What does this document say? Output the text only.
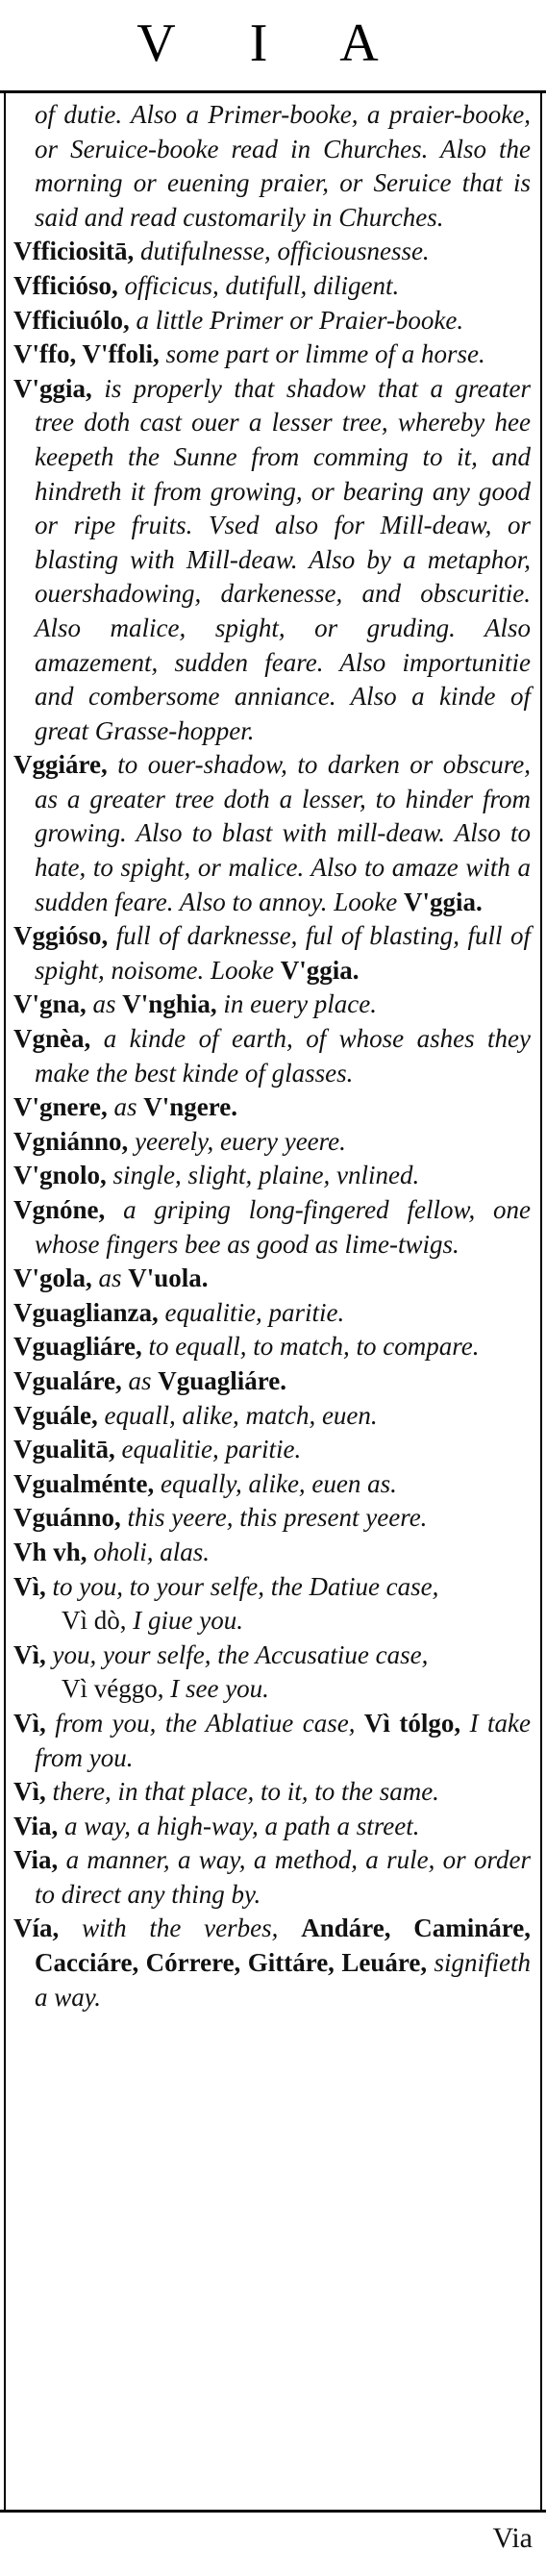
V I A

of dutie. Also a Primer-booke, a praier-booke, or Seruice-booke read in Churches. Also the morning or euening praier, or Seruice that is said and read customarily in Churches.

Vfficiositā, dutifulnesse, officiousnesse.

Vfficióso, officicus, dutifull, diligent.

Vfficiuólo, a little Primer or Praier-booke.

V'ffo, V'ffoli, some part or limme of a horse.

V'ggia, is properly that shadow that a greater tree doth cast ouer a lesser tree, whereby hee keepeth the Sunne from comming to it, and hindreth it from growing, or bearing any good or ripe fruits. Vsed also for Mill-deaw, or blasting with Mill-deaw. Also by a metaphor, ouershadowing, darkenesse, and obscuritie. Also malice, spight, or gruding. Also amazement, sudden feare. Also importunitie and combersome anniance. Also a kinde of great Grasse-hopper.

Vggiáre, to ouer-shadow, to darken or obscure, as a greater tree doth a lesser, to hinder from growing. Also to blast with mill-deaw. Also to hate, to spight, or malice. Also to amaze with a sudden feare. Also to annoy. Looke V'ggia.

Vggióso, full of darknesse, ful of blasting, full of spight, noisome. Looke V'ggia.

V'gna, as V'nghia, in euery place.

Vgnèa, a kinde of earth, of whose ashes they make the best kinde of glasses.

V'gnere, as V'ngere.

Vgniánno, yeerely, euery yeere.

V'gnolo, single, slight, plaine, vnlined.

Vgnóne, a griping long-fingered fellow, one whose fingers bee as good as lime-twigs.

V'gola, as V'uola.

Vguaglianza, equalitie, paritie.

Vguagliáre, to equall, to match, to compare.

Vgualáre, as Vguagliáre.

Vguále, equall, alike, match, euen.

Vgualitā, equalitie, paritie.

Vgualménte, equally, alike, euen as.

Vguánno, this yeere, this present yeere.

Vh vh, oholi, alas.

Vì, to you, to your selfe, the Datiue case,
Vì dò, I giue you.

Vì, you, your selfe, the Accusatiue case,
Vì véggo, I see you.

Vì, from you, the Ablatiue case, Vì tólgo, I take from you.

Vì, there, in that place, to it, to the same.

Via, a way, a high-way, a path a street.

Via, a manner, a way, a method, a rule, or order to direct any thing by.

Vía, with the verbes, Andáre, Camináre, Cacciáre, Córrere, Gittáre, Leuáre, signifieth a way.

Via
